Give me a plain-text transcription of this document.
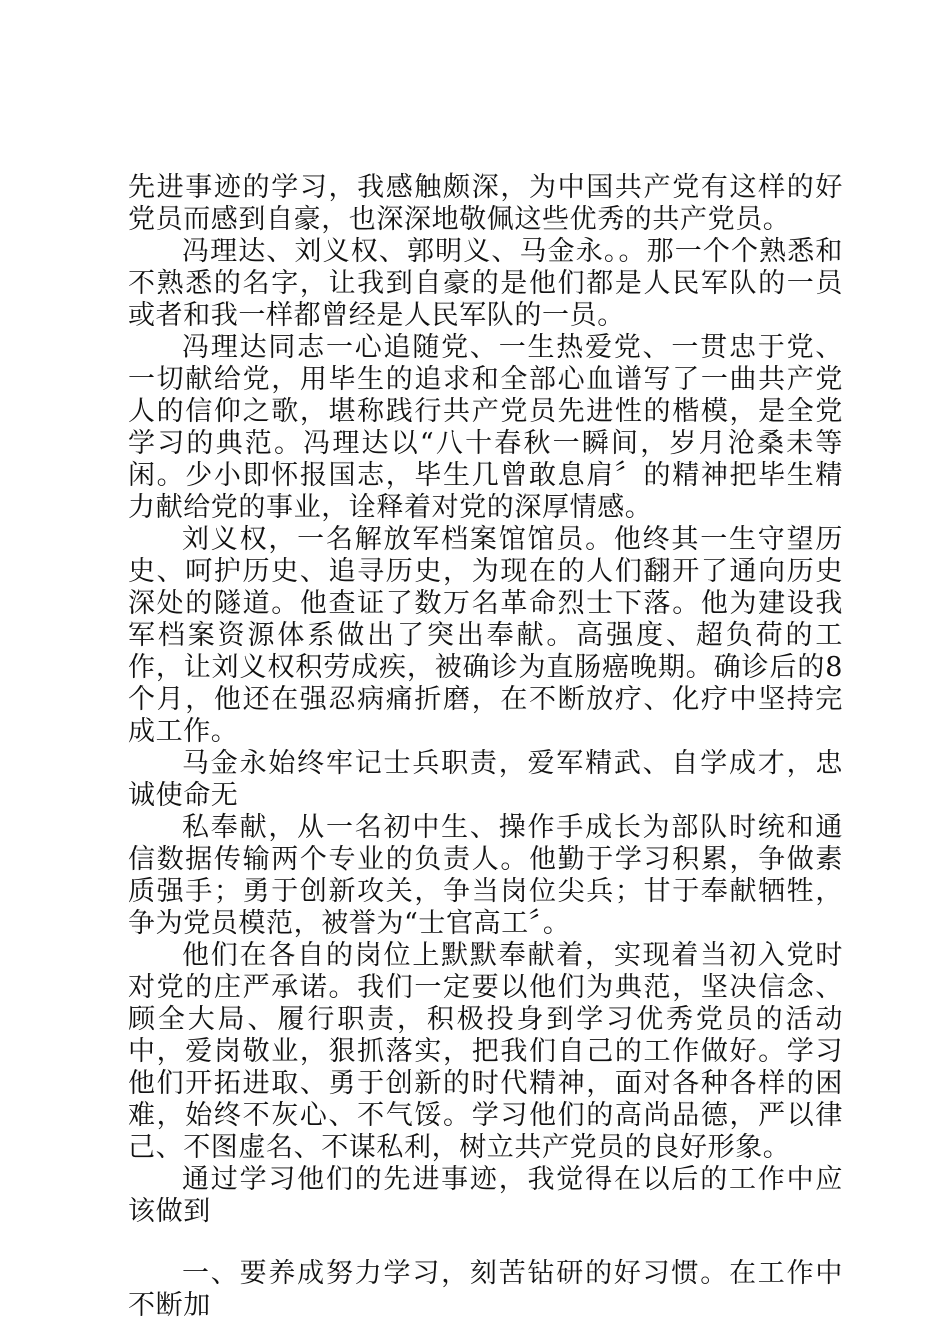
先进事迹的学习，我感触颇深，为中国共产党有这样的好党员而感到自豪，也深深地敬佩这些优秀的共产党员。

冯理达、刘义权、郭明义、马金永。。那一个个熟悉和不熟悉的名字，让我到自豪的是他们都是人民军队的一员或者和我一样都曾经是人民军队的一员。

冯理达同志一心追随党、一生热爱党、一贯忠于党、一切献给党，用毕生的追求和全部心血谱写了一曲共产党人的信仰之歌，堪称践行共产党员先进性的楷模，是全党学习的典范。冯理达以“八十春秋一瞬间，岁月沧桑未等闲。少小即怀报国志，毕生几曾敢息肩〞的精神把毕生精力献给党的事业，诠释着对党的深厚情感。

刘义权，一名解放军档案馆馆员。他终其一生守望历史、呵护历史、追寻历史，为现在的人们翻开了通向历史深处的隧道。他查证了数万名革命烈士下落。他为建设我军档案资源体系做出了突出奉献。高强度、超负荷的工作，让刘义权积劳成疾，被确诊为直肠癌晚期。确诊后的8个月，他还在强忍病痛折磨，在不断放疗、化疗中坚持完成工作。

马金永始终牢记士兵职责，爱军精武、自学成才，忠诚使命无

私奉献，从一名初中生、操作手成长为部队时统和通信数据传输两个专业的负责人。他勤于学习积累，争做素质强手；勇于创新攻关，争当岗位尖兵；甘于奉献牺牲，争为党员模范，被誉为“士官高工〞。

他们在各自的岗位上默默奉献着，实现着当初入党时对党的庄严承诺。我们一定要以他们为典范，坚决信念、顾全大局、履行职责，积极投身到学习优秀党员的活动中，爱岗敬业，狠抓落实，把我们自己的工作做好。学习他们开拓进取、勇于创新的时代精神，面对各种各样的困难，始终不灰心、不气馁。学习他们的高尚品德，严以律己、不图虚名、不谋私利，树立共产党员的良好形象。

通过学习他们的先进事迹，我觉得在以后的工作中应该做到

一、要养成努力学习，刻苦钻研的好习惯。在工作中不断加
